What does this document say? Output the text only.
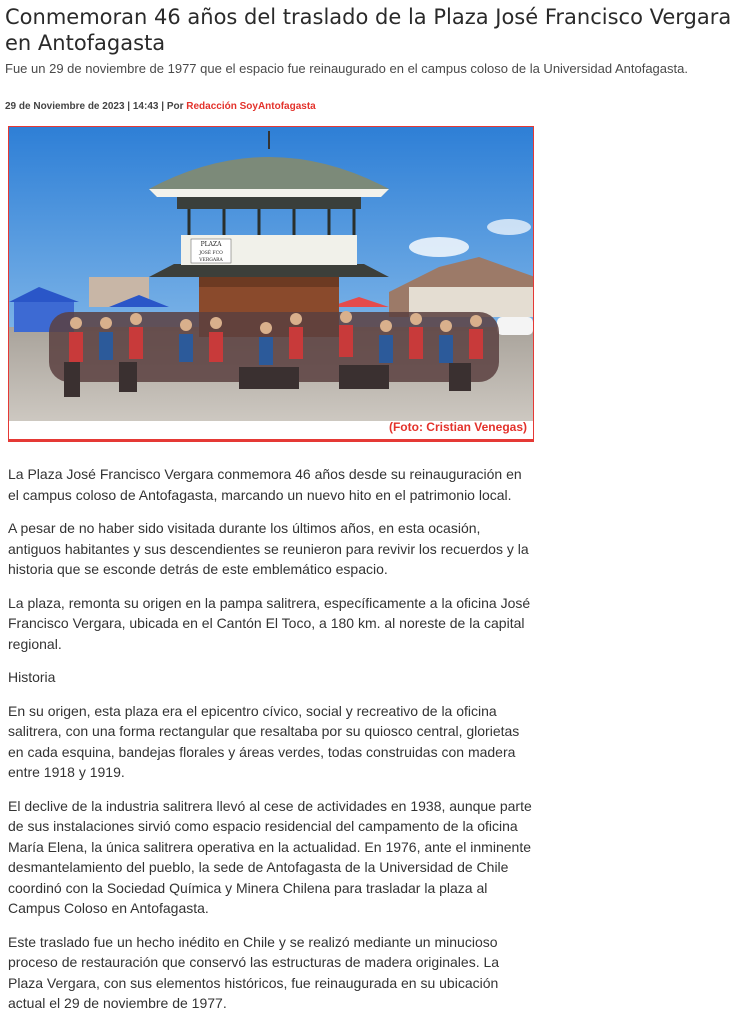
Conmemoran 46 años del traslado de la Plaza José Francisco Vergara en Antofagasta

Fue un 29 de noviembre de 1977 que el espacio fue reinaugurado en el campus coloso de la Universidad Antofagasta.

29 de Noviembre de 2023 | 14:43 | Por Redacción SoyAntofagasta
PLAZA
JOSÉ FCO
VERGARA
(Foto: Cristian Venegas)

La Plaza José Francisco Vergara conmemora 46 años desde su reinauguración en el campus coloso de Antofagasta, marcando un nuevo hito en el patrimonio local.

A pesar de no haber sido visitada durante los últimos años, en esta ocasión, antiguos habitantes y sus descendientes se reunieron para revivir los recuerdos y la historia que se esconde detrás de este emblemático espacio.

La plaza, remonta su origen en la pampa salitrera, específicamente a la oficina José Francisco Vergara, ubicada en el Cantón El Toco, a 180 km. al noreste de la capital regional.

Historia

En su origen, esta plaza era el epicentro cívico, social y recreativo de la oficina salitrera, con una forma rectangular que resaltaba por su quiosco central, glorietas en cada esquina, bandejas florales y áreas verdes, todas construidas con madera entre 1918 y 1919.

El declive de la industria salitrera llevó al cese de actividades en 1938, aunque parte de sus instalaciones sirvió como espacio residencial del campamento de la oficina María Elena, la única salitrera operativa en la actualidad. En 1976, ante el inminente desmantelamiento del pueblo, la sede de Antofagasta de la Universidad de Chile coordinó con la Sociedad Química y Minera Chilena para trasladar la plaza al Campus Coloso en Antofagasta.

Este traslado fue un hecho inédito en Chile y se realizó mediante un minucioso proceso de restauración que conservó las estructuras de madera originales. La Plaza Vergara, con sus elementos históricos, fue reinaugurada en su ubicación actual el 29 de noviembre de 1977.
